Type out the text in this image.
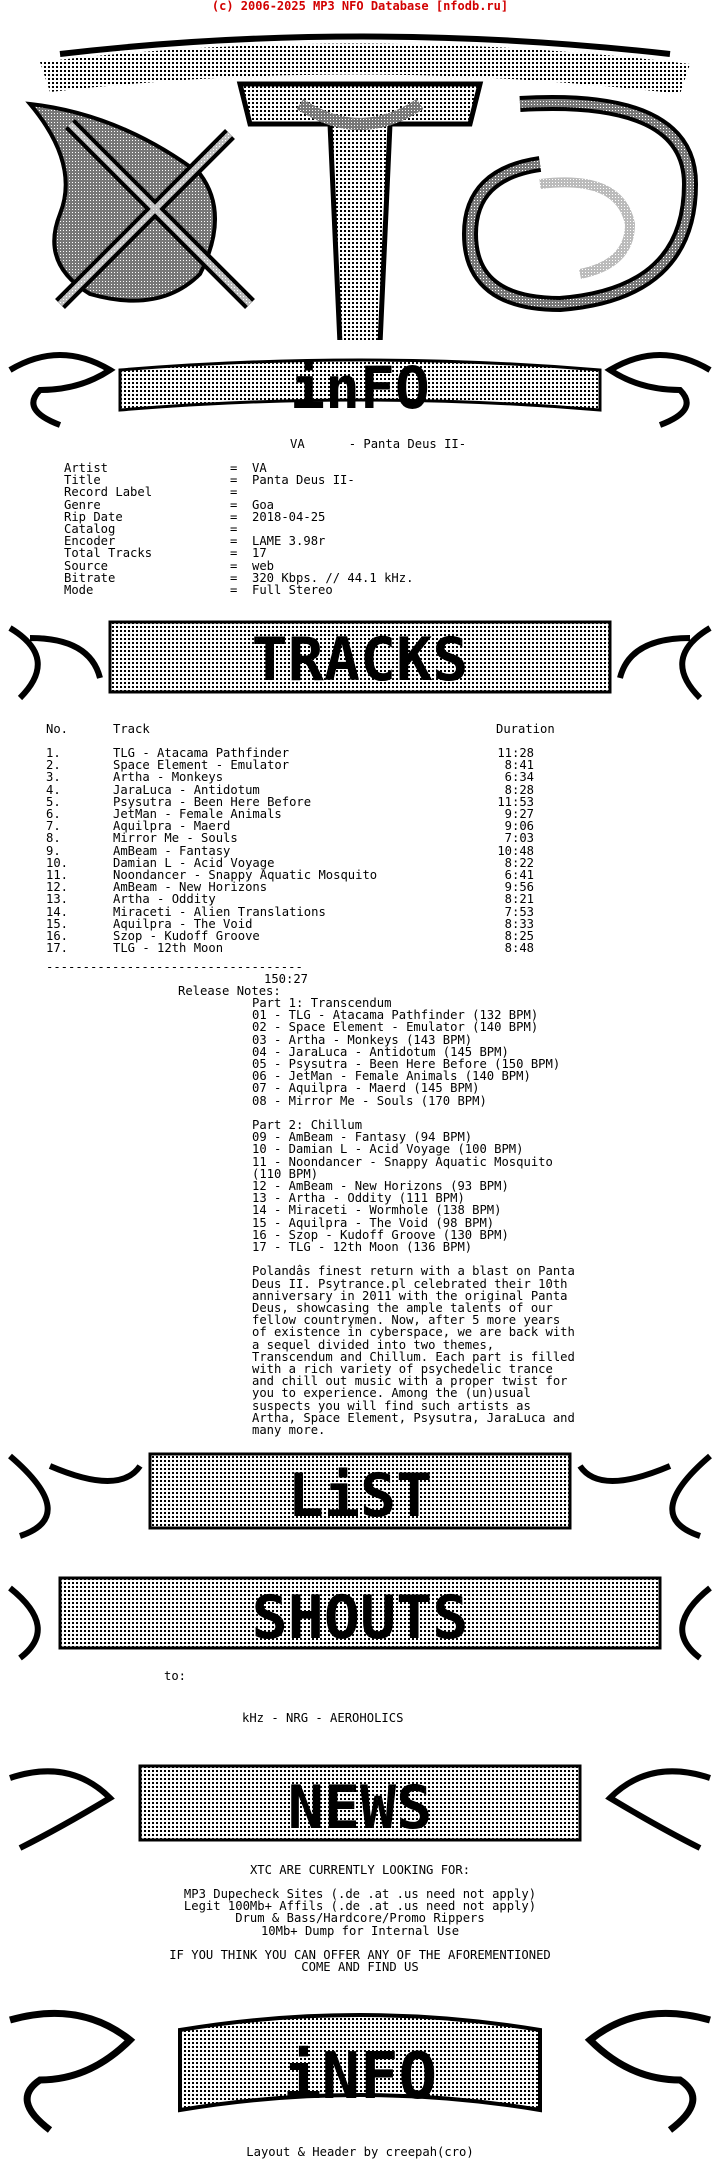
(c) 2006-2025 MP3 NFO Database [nfodb.ru]
inFO
VA      - Panta Deus II-
Artist	= VA
Title	= Panta Deus II-
Record Label	=
Genre	= Goa
Rip Date	= 2018-04-25
Catalog	=
Encoder	= LAME 3.98r
Total Tracks	= 17
Source	= web
Bitrate	= 320 Kbps. // 44.1 kHz.
Mode	= Full Stereo
TRACKS
No.	Track	Duration
1.	TLG - Atacama Pathfinder	11:28
2.	Space Element - Emulator	8:41
3.	Artha - Monkeys	6:34
4.	JaraLuca - Antidotum	8:28
5.	Psysutra - Been Here Before	11:53
6.	JetMan - Female Animals	9:27
7.	Aquilpra - Maerd	9:06
8.	Mirror Me - Souls	7:03
9.	AmBeam - Fantasy	10:48
10.	Damian L - Acid Voyage	8:22
11.	Noondancer - Snappy Aquatic Mosquito	6:41
12.	AmBeam - New Horizons	9:56
13.	Artha - Oddity	8:21
14.	Miraceti - Alien Translations	7:53
15.	Aquilpra - The Void	8:33
16.	Szop - Kudoff Groove	8:25
17.	TLG - 12th Moon	8:48
-----------------------------------
150:27
Release Notes:
Part 1: Transcendum
01 - TLG - Atacama Pathfinder (132 BPM)
02 - Space Element - Emulator (140 BPM)
03 - Artha - Monkeys (143 BPM)
04 - JaraLuca - Antidotum (145 BPM)
05 - Psysutra - Been Here Before (150 BPM)
06 - JetMan - Female Animals (140 BPM)
07 - Aquilpra - Maerd (145 BPM)
08 - Mirror Me - Souls (170 BPM)
Part 2: Chillum
09 - AmBeam - Fantasy (94 BPM)
10 - Damian L - Acid Voyage (100 BPM)
11 - Noondancer - Snappy Aquatic Mosquito
(110 BPM)
12 - AmBeam - New Horizons (93 BPM)
13 - Artha - Oddity (111 BPM)
14 - Miraceti - Wormhole (138 BPM)
15 - Aquilpra - The Void (98 BPM)
16 - Szop - Kudoff Groove (130 BPM)
17 - TLG - 12th Moon (136 BPM)
Polandâs finest return with a blast on Panta
Deus II. Psytrance.pl celebrated their 10th
anniversary in 2011 with the original Panta
Deus, showcasing the ample talents of our
fellow countrymen. Now, after 5 more years
of existence in cyberspace, we are back with
a sequel divided into two themes,
Transcendum and Chillum. Each part is filled
with a rich variety of psychedelic trance
and chill out music with a proper twist for
you to experience. Among the (un)usual
suspects you will find such artists as
Artha, Space Element, Psysutra, JaraLuca and
many more.
LiST
SHOUTS
to:
kHz - NRG - AEROHOLICS
NEWS
XTC ARE CURRENTLY LOOKING FOR:
MP3 Dupecheck Sites (.de .at .us need not apply)
Legit 100Mb+ Affils (.de .at .us need not apply)
Drum & Bass/Hardcore/Promo Rippers
10Mb+ Dump for Internal Use
IF YOU THINK YOU CAN OFFER ANY OF THE AFOREMENTIONED
COME AND FIND US
iNFO
Layout & Header by creepah(cro)
